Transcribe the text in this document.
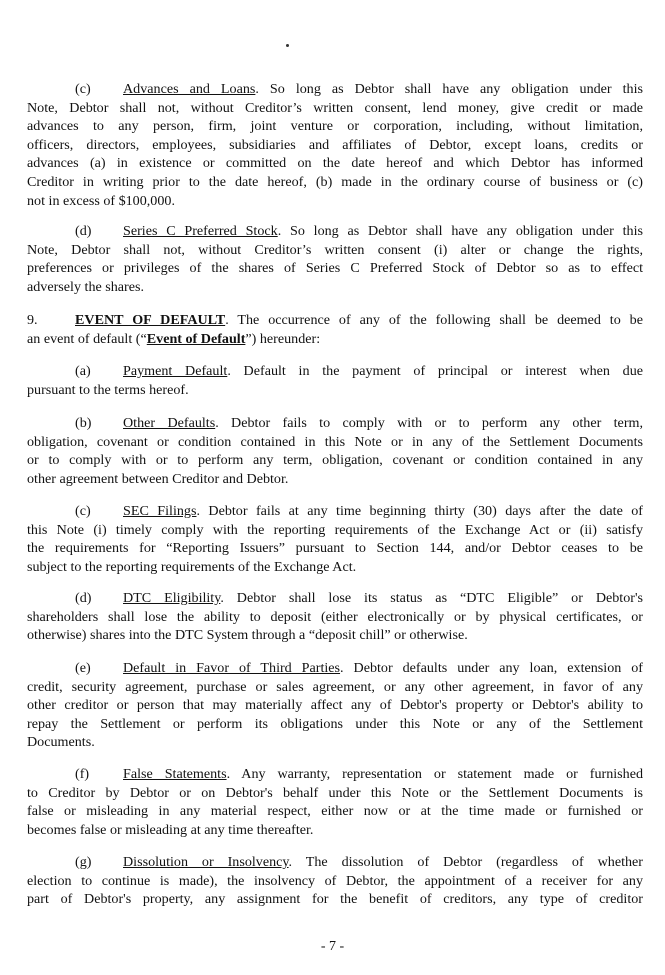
(c) Advances and Loans. So long as Debtor shall have any obligation under this
Note, Debtor shall not, without Creditor’s written consent, lend money, give credit or made
advances to any person, firm, joint venture or corporation, including, without limitation,
officers, directors, employees, subsidiaries and affiliates of Debtor, except loans, credits or
advances (a) in existence or committed on the date hereof and which Debtor has informed
Creditor in writing prior to the date hereof, (b) made in the ordinary course of business or (c)
not in excess of $100,000.
(d) Series C Preferred Stock. So long as Debtor shall have any obligation under this
Note, Debtor shall not, without Creditor’s written consent (i) alter or change the rights,
preferences or privileges of the shares of Series C Preferred Stock of Debtor so as to effect
adversely the shares.
9.	EVENT OF DEFAULT. The occurrence of any of the following shall be deemed to be
an event of default (“Event of Default”) hereunder:
(a) Payment Default. Default in the payment of principal or interest when due
pursuant to the terms hereof.
(b) Other Defaults. Debtor fails to comply with or to perform any other term,
obligation, covenant or condition contained in this Note or in any of the Settlement Documents
or to comply with or to perform any term, obligation, covenant or condition contained in any
other agreement between Creditor and Debtor.
(c) SEC Filings. Debtor fails at any time beginning thirty (30) days after the date of
this Note (i) timely comply with the reporting requirements of the Exchange Act or (ii) satisfy
the requirements for “Reporting Issuers” pursuant to Section 144, and/or Debtor ceases to be
subject to the reporting requirements of the Exchange Act.
(d) DTC Eligibility. Debtor shall lose its status as “DTC Eligible” or Debtor's
shareholders shall lose the ability to deposit (either electronically or by physical certificates, or
otherwise) shares into the DTC System through a “deposit chill” or otherwise.
(e) Default in Favor of Third Parties. Debtor defaults under any loan, extension of
credit, security agreement, purchase or sales agreement, or any other agreement, in favor of any
other creditor or person that may materially affect any of Debtor's property or Debtor's ability to
repay the Settlement or perform its obligations under this Note or any of the Settlement
Documents.
(f) False Statements. Any warranty, representation or statement made or furnished
to Creditor by Debtor or on Debtor's behalf under this Note or the Settlement Documents is
false or misleading in any material respect, either now or at the time made or furnished or
becomes false or misleading at any time thereafter.
(g) Dissolution or Insolvency. The dissolution of Debtor (regardless of whether
election to continue is made), the insolvency of Debtor, the appointment of a receiver for any
part of Debtor's property, any assignment for the benefit of creditors, any type of creditor
- 7 -
